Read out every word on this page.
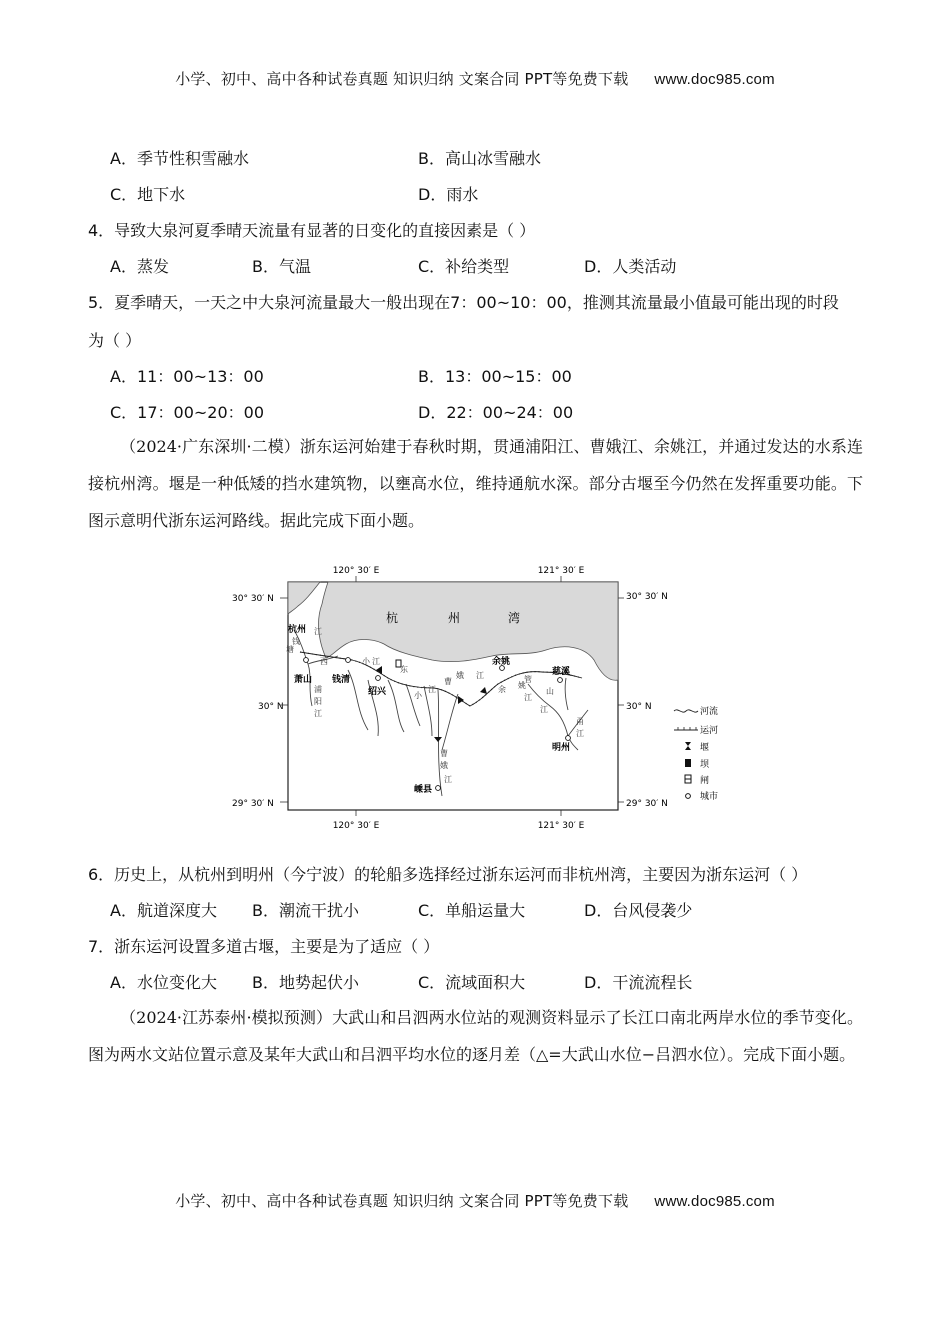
小学、初中、高中各种试卷真题 知识归纳 文案合同 PPT等免费下载 www.doc985.com
A．季节性积雪融水	B．高山冰雪融水
C．地下水	D．雨水
4．导致大泉河夏季晴天流量有显著的日变化的直接因素是（ ）
A．蒸发	B．气温	C．补给类型	D．人类活动
5．夏季晴天，一天之中大泉河流量最大一般出现在7：00~10：00，推测其流量最小值最可能出现的时段
为（ ）
A．11：00~13：00	B．13：00~15：00
C．17：00~20：00	D．22：00~24：00
（2024·广东深圳·二模）浙东运河始建于春秋时期，贯通浦阳江、曹娥江、余姚江，并通过发达的水系连接杭州湾。堰是一种低矮的挡水建筑物，以壅高水位，维持通航水深。部分古堰至今仍然在发挥重要功能。下图示意明代浙东运河路线。据此完成下面小题。
120° 30′ E	121° 30′ E
120° 30′ E	121° 30′ E
30° 30′ N	30° 30′ N
30° N	30° N
29° 30′ N	29° 30′ N
杭	州	湾
杭州
萧山 钱清
绍兴
余姚
慈溪
明州
嵊县
江
钱
塘
西	小 江
浦
阳
江
东
小
江
曹
娥 江
余 姚
江
管
山
江
甬
江
曹
娥
江
河流
运河
堰
坝
闸
城市
6．历史上，从杭州到明州（今宁波）的轮船多选择经过浙东运河而非杭州湾，主要因为浙东运河（ ）
A．航道深度大 B．潮流干扰小	C．单船运量大	D．台风侵袭少
7．浙东运河设置多道古堰，主要是为了适应（ ）
A．水位变化大 B．地势起伏小	C．流域面积大	D．干流流程长
（2024·江苏泰州·模拟预测）大武山和吕泗两水位站的观测资料显示了长江口南北两岸水位的季节变化。图为两水文站位置示意及某年大武山和吕泗平均水位的逐月差（△=大武山水位−吕泗水位）。完成下面小题。
小学、初中、高中各种试卷真题 知识归纳 文案合同 PPT等免费下载 www.doc985.com
